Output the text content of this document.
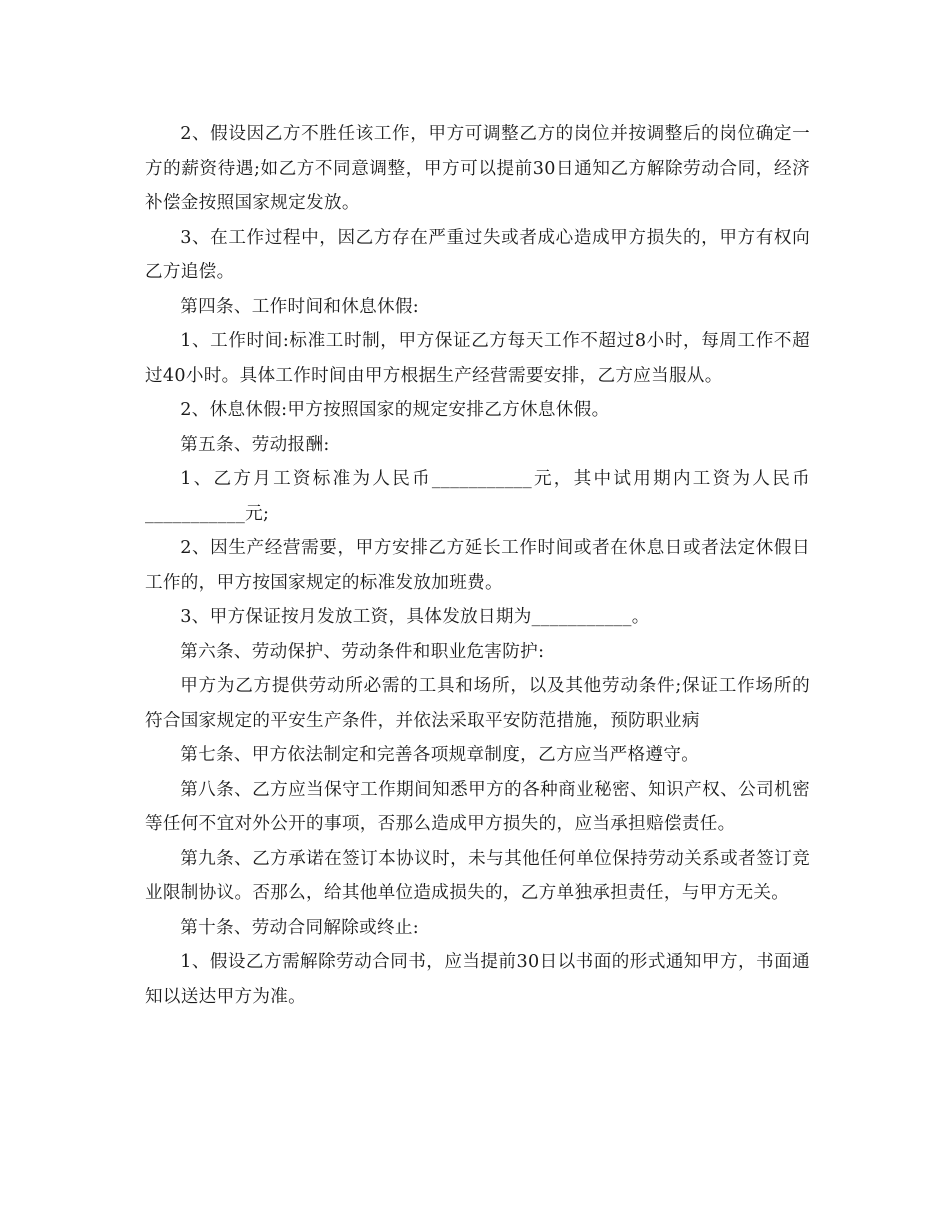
2、假设因乙方不胜任该工作，甲方可调整乙方的岗位并按调整后的岗位确定一方的薪资待遇;如乙方不同意调整，甲方可以提前30日通知乙方解除劳动合同，经济补偿金按照国家规定发放。

3、在工作过程中，因乙方存在严重过失或者成心造成甲方损失的，甲方有权向乙方追偿。

第四条、工作时间和休息休假:

1、工作时间:标准工时制，甲方保证乙方每天工作不超过8小时，每周工作不超过40小时。具体工作时间由甲方根据生产经营需要安排，乙方应当服从。

2、休息休假:甲方按照国家的规定安排乙方休息休假。

第五条、劳动报酬:

1、乙方月工资标准为人民币___________元，其中试用期内工资为人民币___________元;

2、因生产经营需要，甲方安排乙方延长工作时间或者在休息日或者法定休假日工作的，甲方按国家规定的标准发放加班费。

3、甲方保证按月发放工资，具体发放日期为___________。

第六条、劳动保护、劳动条件和职业危害防护:

甲方为乙方提供劳动所必需的工具和场所，以及其他劳动条件;保证工作场所的符合国家规定的平安生产条件，并依法采取平安防范措施，预防职业病

第七条、甲方依法制定和完善各项规章制度，乙方应当严格遵守。

第八条、乙方应当保守工作期间知悉甲方的各种商业秘密、知识产权、公司机密等任何不宜对外公开的事项，否那么造成甲方损失的，应当承担赔偿责任。

第九条、乙方承诺在签订本协议时，未与其他任何单位保持劳动关系或者签订竞业限制协议。否那么，给其他单位造成损失的，乙方单独承担责任，与甲方无关。

第十条、劳动合同解除或终止:

1、假设乙方需解除劳动合同书，应当提前30日以书面的形式通知甲方，书面通知以送达甲方为准。
